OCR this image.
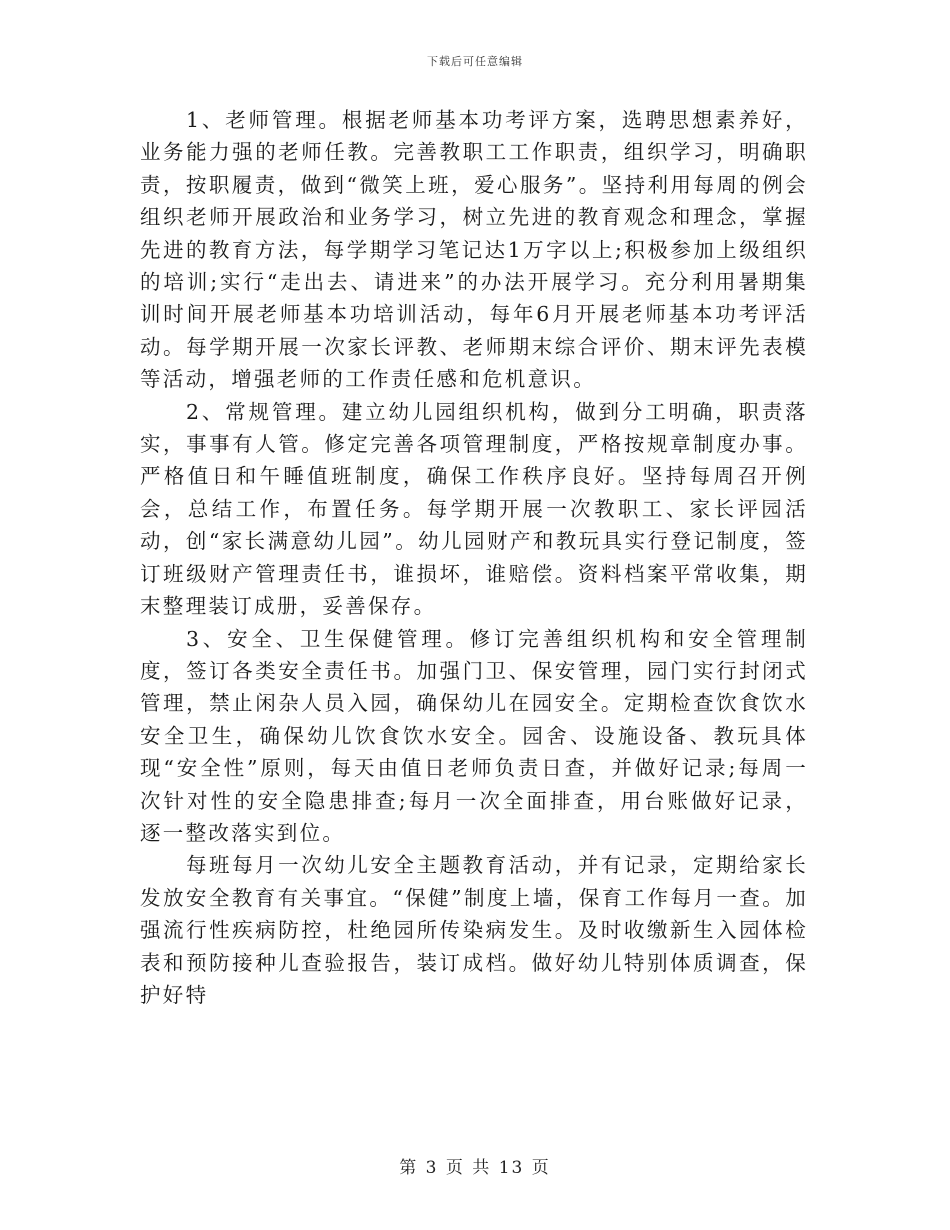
下载后可任意编辑

1、老师管理。根据老师基本功考评方案，选聘思想素养好，业务能力强的老师任教。完善教职工工作职责，组织学习，明确职责，按职履责，做到“微笑上班，爱心服务”。坚持利用每周的例会组织老师开展政治和业务学习，树立先进的教育观念和理念，掌握先进的教育方法，每学期学习笔记达1万字以上;积极参加上级组织的培训;实行“走出去、请进来”的办法开展学习。充分利用暑期集训时间开展老师基本功培训活动，每年6月开展老师基本功考评活动。每学期开展一次家长评教、老师期末综合评价、期末评先表模等活动，增强老师的工作责任感和危机意识。

2、常规管理。建立幼儿园组织机构，做到分工明确，职责落实，事事有人管。修定完善各项管理制度，严格按规章制度办事。严格值日和午睡值班制度，确保工作秩序良好。坚持每周召开例会，总结工作，布置任务。每学期开展一次教职工、家长评园活动，创“家长满意幼儿园”。幼儿园财产和教玩具实行登记制度，签订班级财产管理责任书，谁损坏，谁赔偿。资料档案平常收集，期末整理装订成册，妥善保存。

3、安全、卫生保健管理。修订完善组织机构和安全管理制度，签订各类安全责任书。加强门卫、保安管理，园门实行封闭式管理，禁止闲杂人员入园，确保幼儿在园安全。定期检查饮食饮水安全卫生，确保幼儿饮食饮水安全。园舍、设施设备、教玩具体现“安全性”原则，每天由值日老师负责日查，并做好记录;每周一次针对性的安全隐患排查;每月一次全面排查，用台账做好记录，逐一整改落实到位。

每班每月一次幼儿安全主题教育活动，并有记录，定期给家长发放安全教育有关事宜。“保健”制度上墙，保育工作每月一查。加强流行性疾病防控，杜绝园所传染病发生。及时收缴新生入园体检表和预防接种儿查验报告，装订成档。做好幼儿特别体质调查，保护好特

第 3 页 共 13 页
